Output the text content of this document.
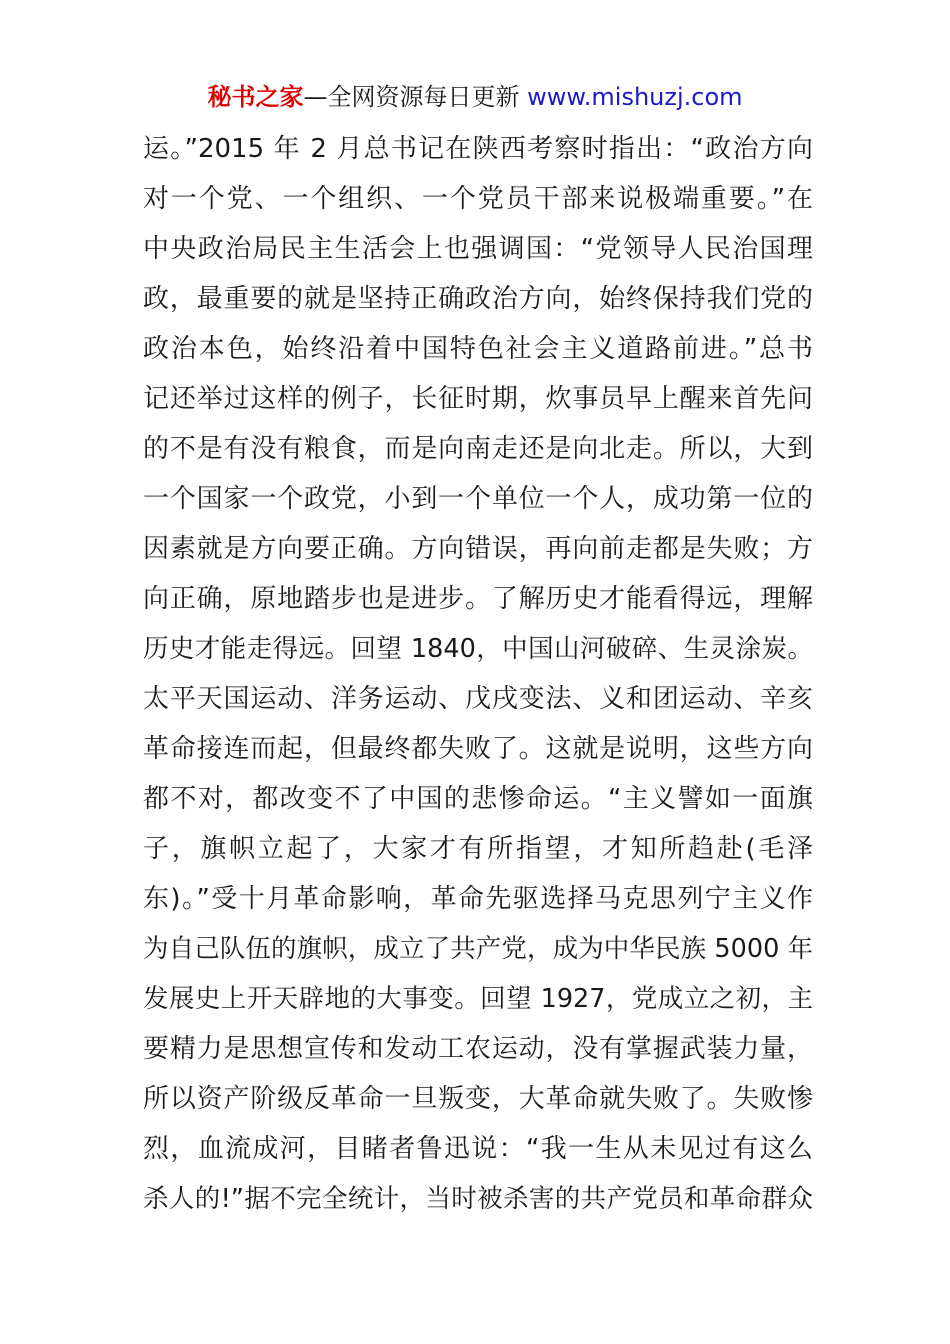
秘书之家—全网资源每日更新 www.mishuzj.com
运。”2015 年 2 月总书记在陕西考察时指出：“政治方向
对一个党、一个组织、一个党员干部来说极端重要。”在
中央政治局民主生活会上也强调国：“党领导人民治国理
政，最重要的就是坚持正确政治方向，始终保持我们党的
政治本色，始终沿着中国特色社会主义道路前进。”总书
记还举过这样的例子，长征时期，炊事员早上醒来首先问
的不是有没有粮食，而是向南走还是向北走。所以，大到
一个国家一个政党，小到一个单位一个人，成功第一位的
因素就是方向要正确。方向错误，再向前走都是失败；方
向正确，原地踏步也是进步。了解历史才能看得远，理解
历史才能走得远。回望 1840，中国山河破碎、生灵涂炭。
太平天国运动、洋务运动、戊戌变法、义和团运动、辛亥
革命接连而起，但最终都失败了。这就是说明，这些方向
都不对，都改变不了中国的悲惨命运。“主义譬如一面旗
子，旗帜立起了，大家才有所指望，才知所趋赴(毛泽
东)。”受十月革命影响，革命先驱选择马克思列宁主义作
为自己队伍的旗帜，成立了共产党，成为中华民族 5000 年
发展史上开天辟地的大事变。回望 1927，党成立之初，主
要精力是思想宣传和发动工农运动，没有掌握武装力量，
所以资产阶级反革命一旦叛变，大革命就失败了。失败惨
烈，血流成河，目睹者鲁迅说：“我一生从未见过有这么
杀人的!”据不完全统计，当时被杀害的共产党员和革命群众
